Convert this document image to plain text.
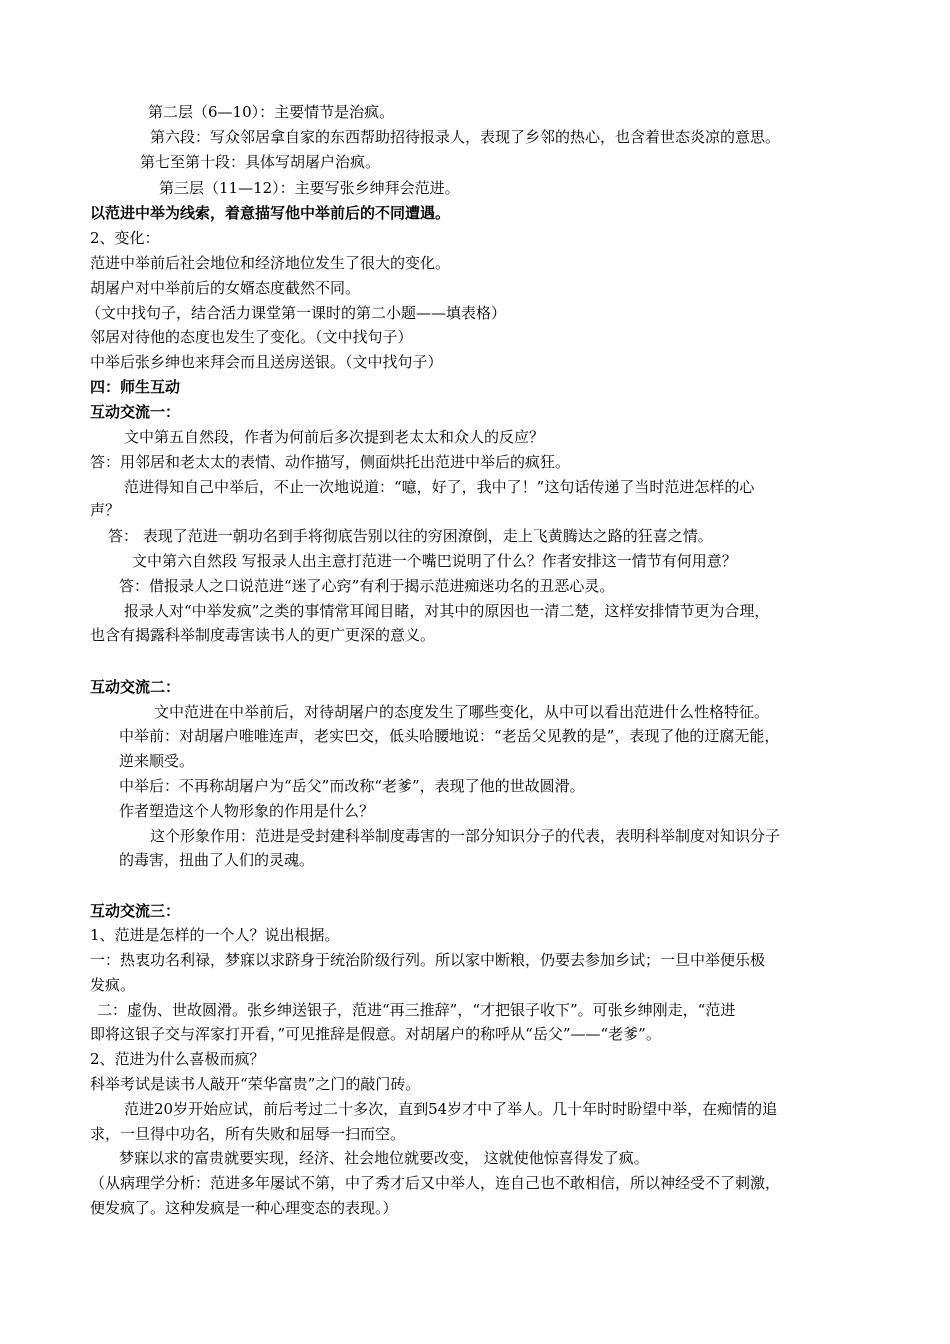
第二层（6—10）：主要情节是治疯。
第六段：写众邻居拿自家的东西帮助招待报录人，表现了乡邻的热心，也含着世态炎凉的意思。
第七至第十段：具体写胡屠户治疯。
第三层（11—12）：主要写张乡绅拜会范进。
以范进中举为线索，着意描写他中举前后的不同遭遇。
2、变化：
范进中举前后社会地位和经济地位发生了很大的变化。
胡屠户对中举前后的女婿态度截然不同。
（文中找句子，结合活力课堂第一课时的第二小题——填表格）
邻居对待他的态度也发生了变化。（文中找句子）
中举后张乡绅也来拜会而且送房送银。（文中找句子）
四：师生互动
互动交流一：
文中第五自然段，作者为何前后多次提到老太太和众人的反应？
答：用邻居和老太太的表情、动作描写，侧面烘托出范进中举后的疯狂。
范进得知自己中举后，不止一次地说道：“噫，好了，我中了！”这句话传递了当时范进怎样的心
声？
答： 表现了范进一朝功名到手将彻底告别以往的穷困潦倒，走上飞黄腾达之路的狂喜之情。
文中第六自然段 写报录人出主意打范进一个嘴巴说明了什么？作者安排这一情节有何用意？
答：借报录人之口说范进“迷了心窍”有利于揭示范进痴迷功名的丑恶心灵。
报录人对“中举发疯”之类的事情常耳闻目睹，对其中的原因也一清二楚，这样安排情节更为合理，
也含有揭露科举制度毒害读书人的更广更深的意义。
互动交流二：
文中范进在中举前后，对待胡屠户的态度发生了哪些变化，从中可以看出范进什么性格特征。
中举前：对胡屠户唯唯连声，老实巴交，低头哈腰地说：“老岳父见教的是”，表现了他的迂腐无能，
逆来顺受。
中举后：不再称胡屠户为“岳父”而改称“老爹”，表现了他的世故圆滑。
作者塑造这个人物形象的作用是什么？
这个形象作用：范进是受封建科举制度毒害的一部分知识分子的代表，表明科举制度对知识分子
的毒害，扭曲了人们的灵魂。
互动交流三：
1、范进是怎样的一个人？说出根据。
一：热衷功名利禄，梦寐以求跻身于统治阶级行列。所以家中断粮，仍要去参加乡试；一旦中举便乐极
发疯。
二：虚伪、世故圆滑。张乡绅送银子，范进“再三推辞”，“才把银子收下”。可张乡绅刚走，“范进
即将这银子交与浑家打开看，”可见推辞是假意。对胡屠户的称呼从“岳父”——“老爹”。
2、范进为什么喜极而疯？
科举考试是读书人敲开“荣华富贵”之门的敲门砖。
范进20岁开始应试，前后考过二十多次，直到54岁才中了举人。几十年时时盼望中举，在痴情的追
求，一旦得中功名，所有失败和屈辱一扫而空。
梦寐以求的富贵就要实现，经济、社会地位就要改变， 这就使他惊喜得发了疯。
（从病理学分析：范进多年屡试不第，中了秀才后又中举人，连自己也不敢相信，所以神经受不了刺激，
便发疯了。这种发疯是一种心理变态的表现。）
